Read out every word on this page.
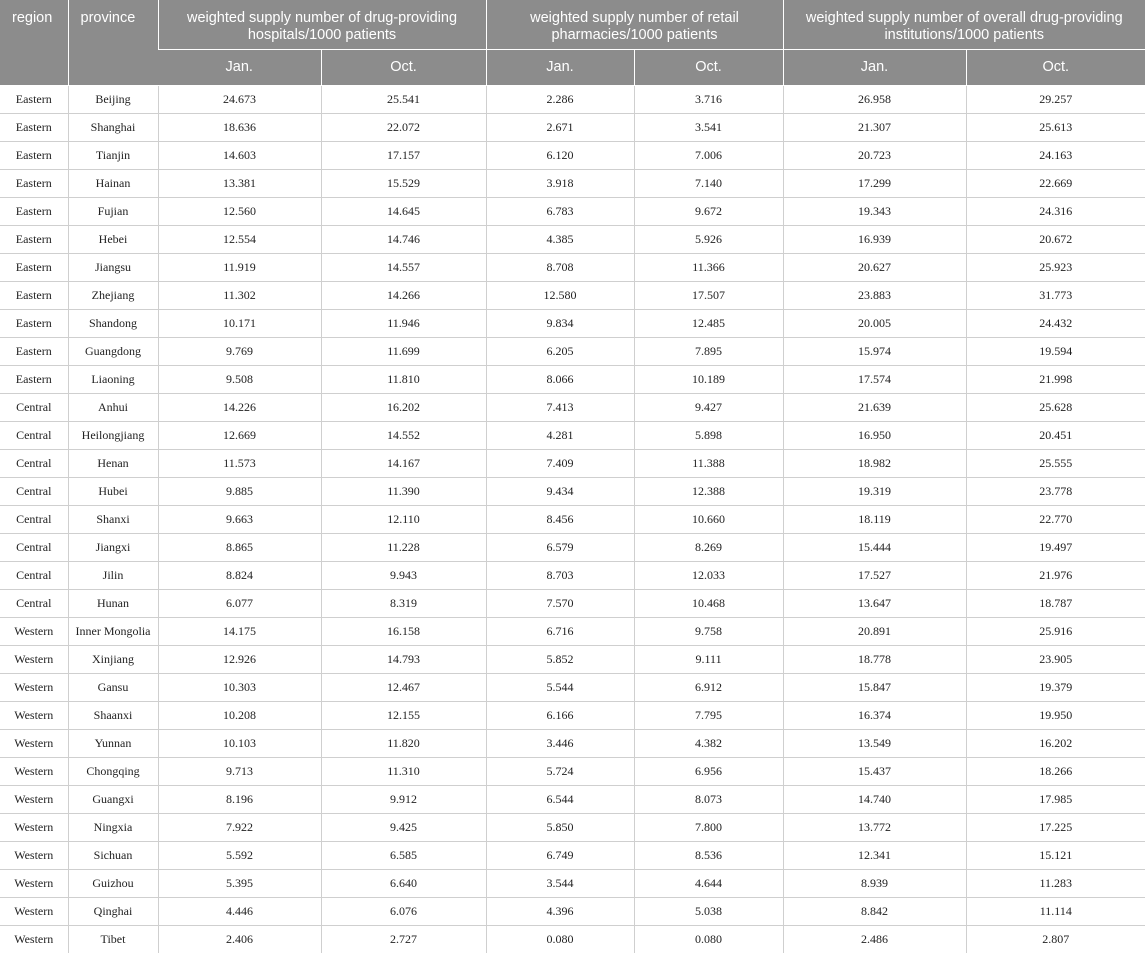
region	province	weighted supply number of drug-providing hospitals/1000 patients		weighted supply number of retail pharmacies/1000 patients		weighted supply number of overall drug-providing institutions/1000 patients	
		Jan.	Oct.	Jan.	Oct.	Jan.	Oct.
Eastern	Beijing	24.673	25.541	2.286	3.716	26.958	29.257
Eastern	Shanghai	18.636	22.072	2.671	3.541	21.307	25.613
Eastern	Tianjin	14.603	17.157	6.120	7.006	20.723	24.163
Eastern	Hainan	13.381	15.529	3.918	7.140	17.299	22.669
Eastern	Fujian	12.560	14.645	6.783	9.672	19.343	24.316
Eastern	Hebei	12.554	14.746	4.385	5.926	16.939	20.672
Eastern	Jiangsu	11.919	14.557	8.708	11.366	20.627	25.923
Eastern	Zhejiang	11.302	14.266	12.580	17.507	23.883	31.773
Eastern	Shandong	10.171	11.946	9.834	12.485	20.005	24.432
Eastern	Guangdong	9.769	11.699	6.205	7.895	15.974	19.594
Eastern	Liaoning	9.508	11.810	8.066	10.189	17.574	21.998
Central	Anhui	14.226	16.202	7.413	9.427	21.639	25.628
Central	Heilongjiang	12.669	14.552	4.281	5.898	16.950	20.451
Central	Henan	11.573	14.167	7.409	11.388	18.982	25.555
Central	Hubei	9.885	11.390	9.434	12.388	19.319	23.778
Central	Shanxi	9.663	12.110	8.456	10.660	18.119	22.770
Central	Jiangxi	8.865	11.228	6.579	8.269	15.444	19.497
Central	Jilin	8.824	9.943	8.703	12.033	17.527	21.976
Central	Hunan	6.077	8.319	7.570	10.468	13.647	18.787
Western	Inner Mongolia	14.175	16.158	6.716	9.758	20.891	25.916
Western	Xinjiang	12.926	14.793	5.852	9.111	18.778	23.905
Western	Gansu	10.303	12.467	5.544	6.912	15.847	19.379
Western	Shaanxi	10.208	12.155	6.166	7.795	16.374	19.950
Western	Yunnan	10.103	11.820	3.446	4.382	13.549	16.202
Western	Chongqing	9.713	11.310	5.724	6.956	15.437	18.266
Western	Guangxi	8.196	9.912	6.544	8.073	14.740	17.985
Western	Ningxia	7.922	9.425	5.850	7.800	13.772	17.225
Western	Sichuan	5.592	6.585	6.749	8.536	12.341	15.121
Western	Guizhou	5.395	6.640	3.544	4.644	8.939	11.283
Western	Qinghai	4.446	6.076	4.396	5.038	8.842	11.114
Western	Tibet	2.406	2.727	0.080	0.080	2.486	2.807
